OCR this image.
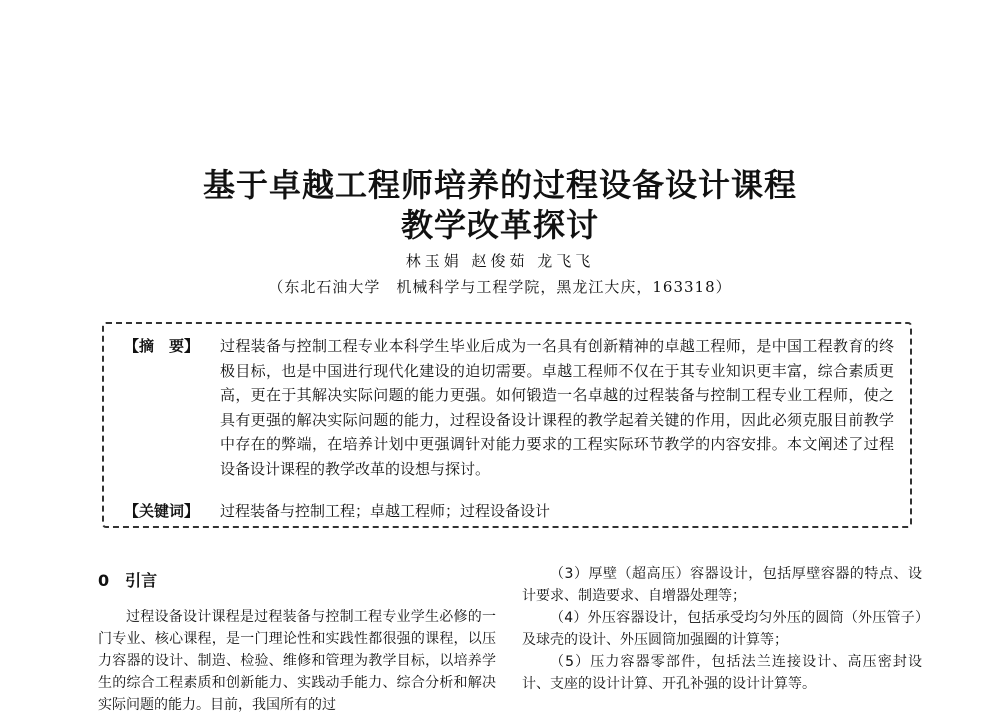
基于卓越工程师培养的过程设备设计课程
教学改革探讨
林玉娟 赵俊茹 龙飞飞
（东北石油大学　机械科学与工程学院，黑龙江大庆，163318）
【摘　要】	过程装备与控制工程专业本科学生毕业后成为一名具有创新精神的卓越工程师，是中国工程教育的终极目标，也是中国进行现代化建设的迫切需要。卓越工程师不仅在于其专业知识更丰富，综合素质更高，更在于其解决实际问题的能力更强。如何锻造一名卓越的过程装备与控制工程专业工程师，使之具有更强的解决实际问题的能力，过程设备设计课程的教学起着关键的作用，因此必须克服目前教学中存在的弊端，在培养计划中更强调针对能力要求的工程实际环节教学的内容安排。本文阐述了过程设备设计课程的教学改革的设想与探讨。
【关键词】	过程装备与控制工程；卓越工程师；过程设备设计
0　引言

过程设备设计课程是过程装备与控制工程专业学生必修的一门专业、核心课程，是一门理论性和实践性都很强的课程，以压力容器的设计、制造、检验、维修和管理为教学目标，以培养学生的综合工程素质和创新能力、实践动手能力、综合分析和解决实际问题的能力。目前，我国所有的过

（3）厚壁（超高压）容器设计，包括厚壁容器的特点、设计要求、制造要求、自增器处理等；

（4）外压容器设计，包括承受均匀外压的圆筒（外压管子）及球壳的设计、外压圆筒加强圈的计算等；

（5）压力容器零部件，包括法兰连接设计、高压密封设计、支座的设计计算、开孔补强的设计计算等。
